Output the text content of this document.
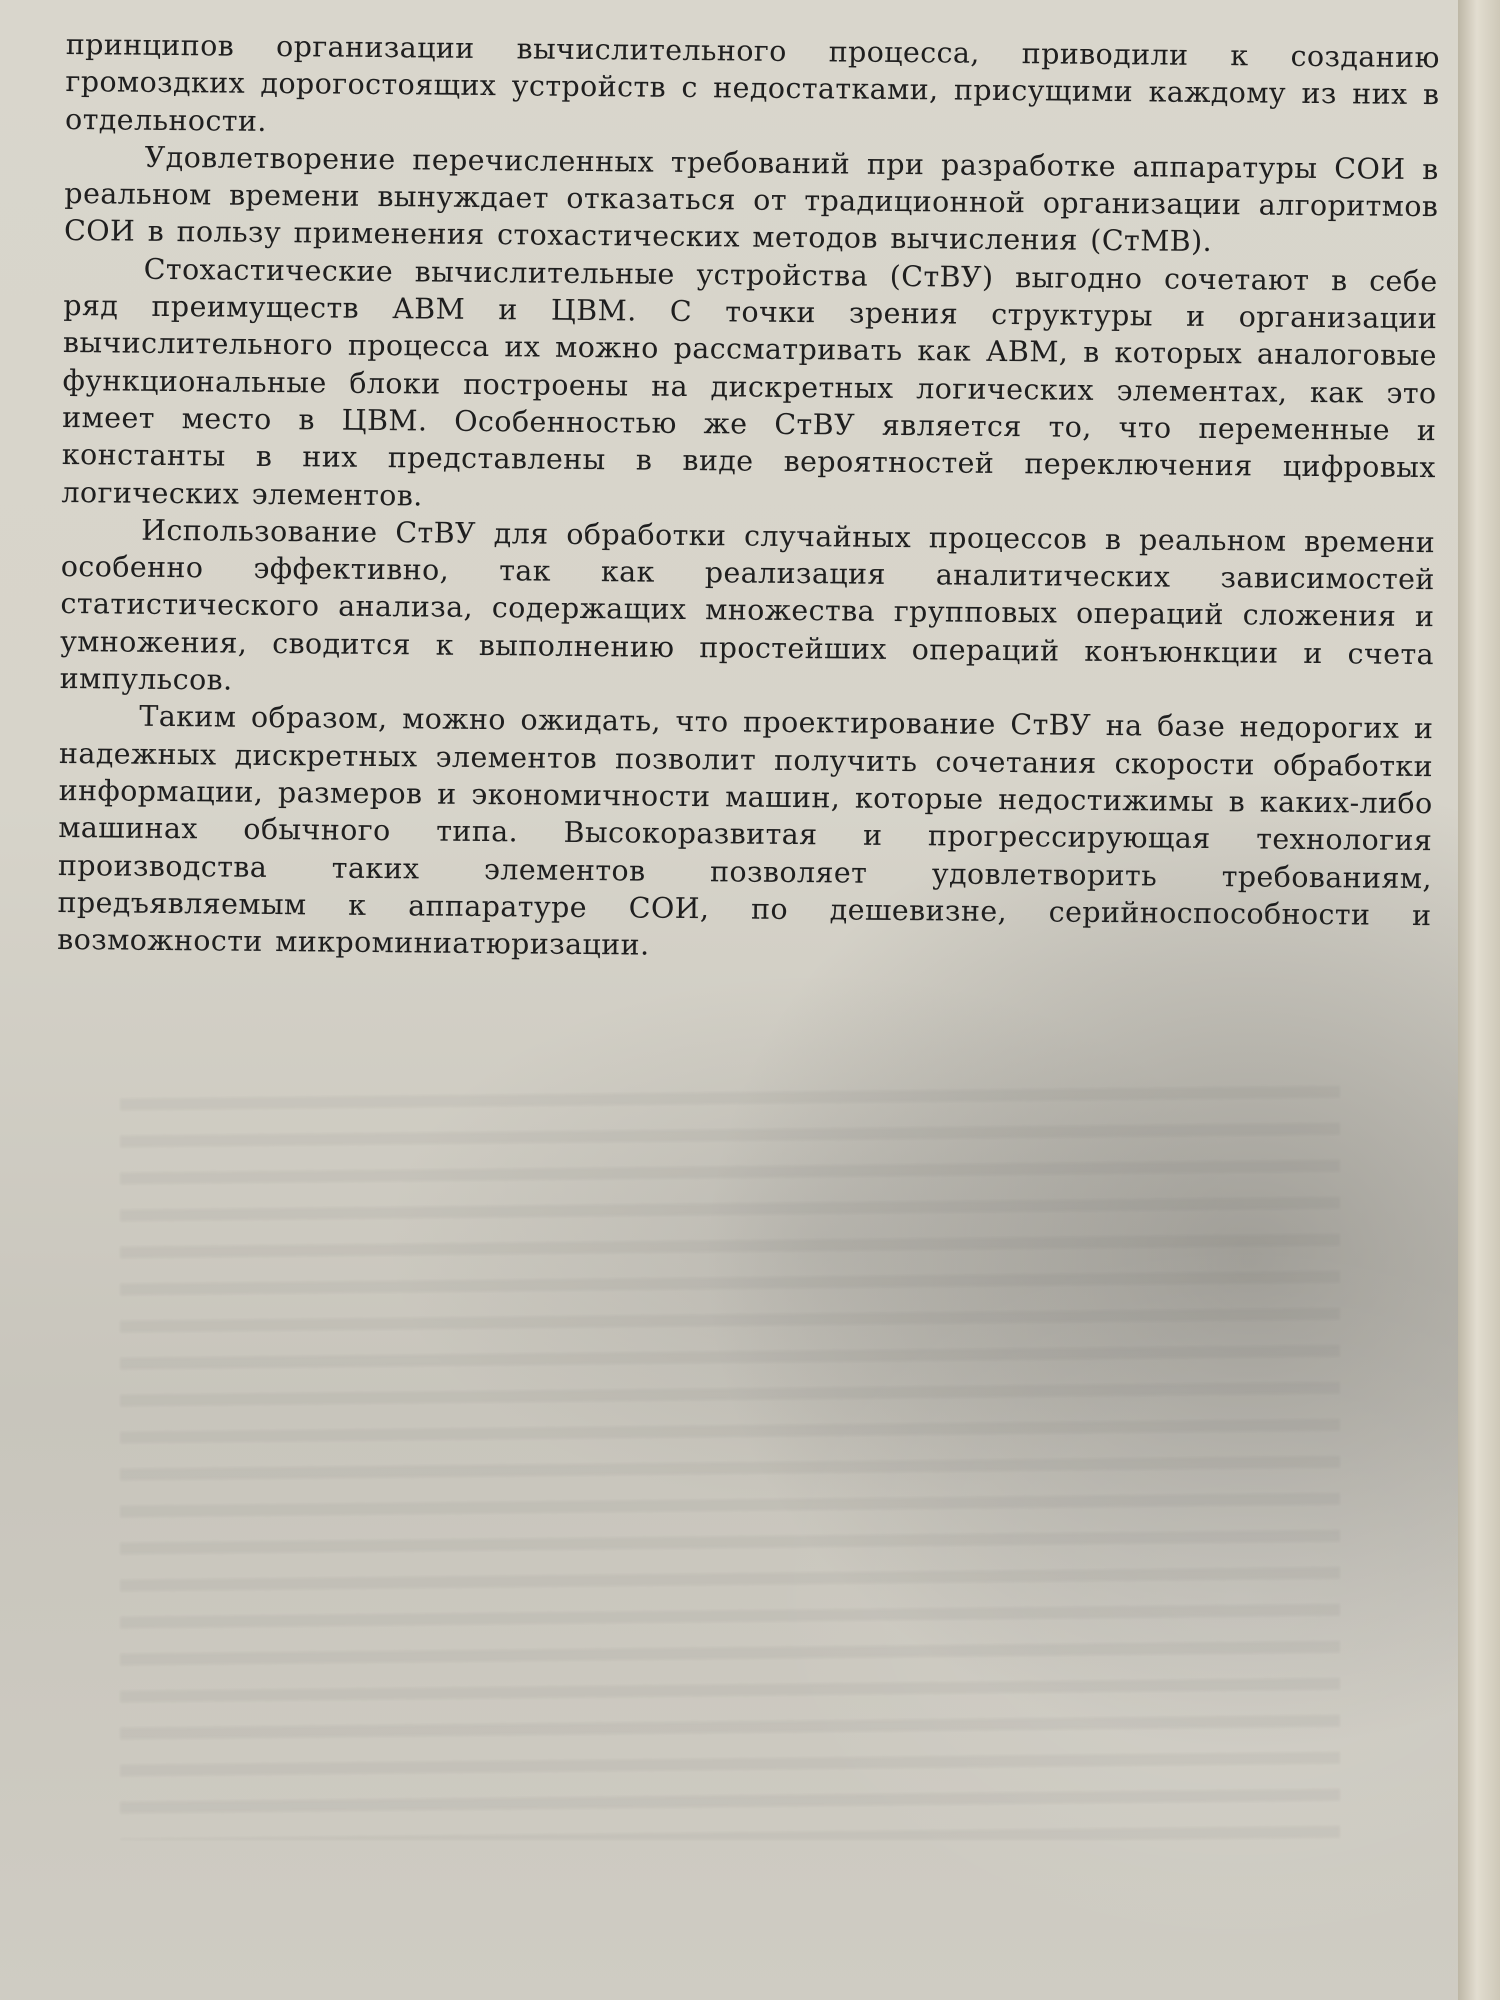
принципов организации вычислительного процесса, приводили к созданию громоздких дорогостоящих устройств с недостатками, присущими каждому из них в отдельности.

Удовлетворение перечисленных требований при разработке аппаратуры СОИ в реальном времени вынуждает отказаться от традиционной организации алгоритмов СОИ в пользу применения стохастических методов вычисления (СтМВ).

Стохастические вычислительные устройства (СтВУ) выгодно сочетают в себе ряд преимуществ АВМ и ЦВМ. С точки зрения структуры и организации вычислительного процесса их можно рассматривать как АВМ, в которых аналоговые функциональные блоки построены на дискретных логических элементах, как это имеет место в ЦВМ. Особенностью же СтВУ является то, что переменные и константы в них представлены в виде вероятностей переключения цифровых логических элементов.

Использование СтВУ для обработки случайных процессов в реальном времени особенно эффективно, так как реализация аналитических зависимостей статистического анализа, содержащих множества групповых операций сложения и умножения, сводится к выполнению простейших операций конъюнкции и счета импульсов.

Таким образом, можно ожидать, что проектирование СтВУ на базе недорогих и надежных дискретных элементов позволит получить сочетания скорости обработки информации, размеров и экономичности машин, которые недостижимы в каких-либо машинах обычного типа. Высокоразвитая и прогрессирующая технология производства таких элементов позволяет удовлетворить требованиям, предъявляемым к аппаратуре СОИ, по дешевизне, серийноспособности и возможности микроминиатюризации.
